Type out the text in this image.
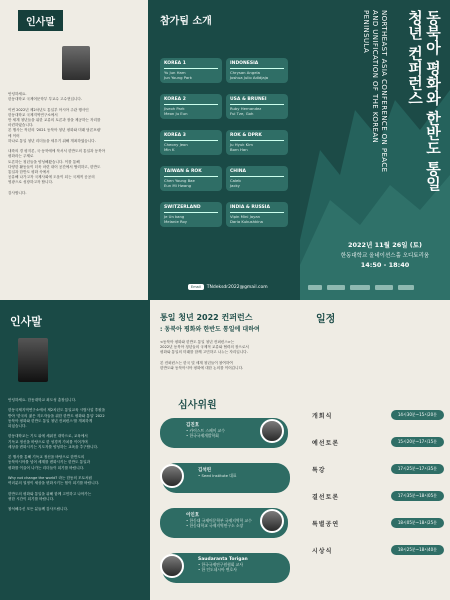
인사말
안녕하세요.
한동대학교 국제어문학부 부교수 고수현입니다.

이번 2022년 제2차년도 통일부 아시아 주관 행사인
한동대학교 국제지역연구소에서
만 세계 청년들을 위한 교류의 토론과 장을 제공하는 자리를
마련하였습니다.
본 행사는 작년의 '2021 동북아 청년 평화와 미래 담론포럼'
에 이어
하나로 통일 청년 리더들을 세우기 위해 개최하였습니다.

내륙의 경 평지론, 국·동북에에 북서서 한반도의 통일과 동북아
평화라는 주제로
토론하는 청년들을 양성해왔습니다. 이를 통해
다양한 활동들이 더욱 마련 내어 공간에서 협력하고, 한반도
통일과 한반도 평화 속에서
공유해 나가고자 국제사회에 도움이 되는 국제적 공공의
영광으로 성장하고자 합니다.

감사합니다.
참가팀 소개
KOREA 1
Yu Jun Ham
Jun Young Park
KOREA 2
Jiseoh Park
Meon Ju Eun
KOREA 3
Cheony Jeon
Min K
TAIWAN & ROK
Chen Young Bae
Eun Mi Hwang
SWITZERLAND
Je Un kang
Melanie Roy
INDONESIA
Chrysan Angela
Joshua Julio Adidjaja
USA & BRUNEI
Ruby Hernandez
Fui Tze, Goh
ROK & DPRK
Ju Hyuk Kim
Born Han
CHINA
Caleb
Jacky
INDIA & RUSSIA
Vipin Mini Jayan
Daria Kukushkina
Email	TNdeksdr2022@gmail.com
동북아 평화와 한반도 통일 청년 컨퍼런스
NORTHEAST ASIA CONFERENCE ON PEACE AND UNIFICATION OF THE KOREAN PENINSULA
2022년 11월 26일 (토)
한동대학교 올네이션스홀 오디토리움
14:50 - 18:40
인사말
안녕하세요. 한동대학교 최도성 총장입니다.

한동국제지역연구소에서 제2차년도 통일교육 시범사업 후원을
받아 '한국의 젊은 지도자들을 위한 한반도 평화와 통일' 2022
동북아 평화와 한반도 통일 청년 컨퍼런스'를 개최하게
되었습니다.

한동대학교는 기도 위에 세워진 대학으로, 교육에서
기독교 정신을 바탕으로 한 성경적 가치를 이어가며
세상을 변화시키는 지도자를 양성하는 교육을 추구합니다.

본 행사를 통해 기독교 정신을 바탕으로 한반도의
동북아시아를 넘어 세계를 변화시키는 한반도 통일과
평화를 이끌어 나가는 리더들이 되기를 바랍니다.

Why not change the world? 라는 한동의 모토처럼
여러분의 열정이 세상을 변화시키는 힘이 되기를 바랍니다.

한반도의 평화와 통일을 위해 함께 고민하고 나아가는
귀한 시간이 되기를 바랍니다.

참석해주신 모든 분들께 감사드립니다.
통일 청년 2022 컨퍼런스
: 동북아 평화와 한반도 통일에 대하여
<동북아 평화와 한반도 통일 청년 컨퍼런스>는
2022년 동북아 청년들의 국제적 교류와 협력의 장으로서
평화와 통일의 미래를 함께 고민하고 나누는 자리입니다.

본 컨퍼런스는 한국 및 세계 청년들이 참여하여
한반도와 동북아시아 평화에 대한 논의를 이어갑니다.
심사위원
김진호
• 카이스트 스페이 교수
• 한국국제개발학회
김석린
• Seed Institute 대표
이인호
• 한동대 국제어문학부 국제지역학 교수
• 한동대학교 국제지역연구소 소장
Saudaranta Torigan
• 한국국제연구원협회 교사
• 한 인도네시아 변호사
일정
개회식	14시30분~15시20분
예선토론	15시20분~17시15분
특강	17시25분~17시35분
결선토론	17시35분~18시05분
특별공연	18시05분~18시25분
시상식	18시25분~18시40분
